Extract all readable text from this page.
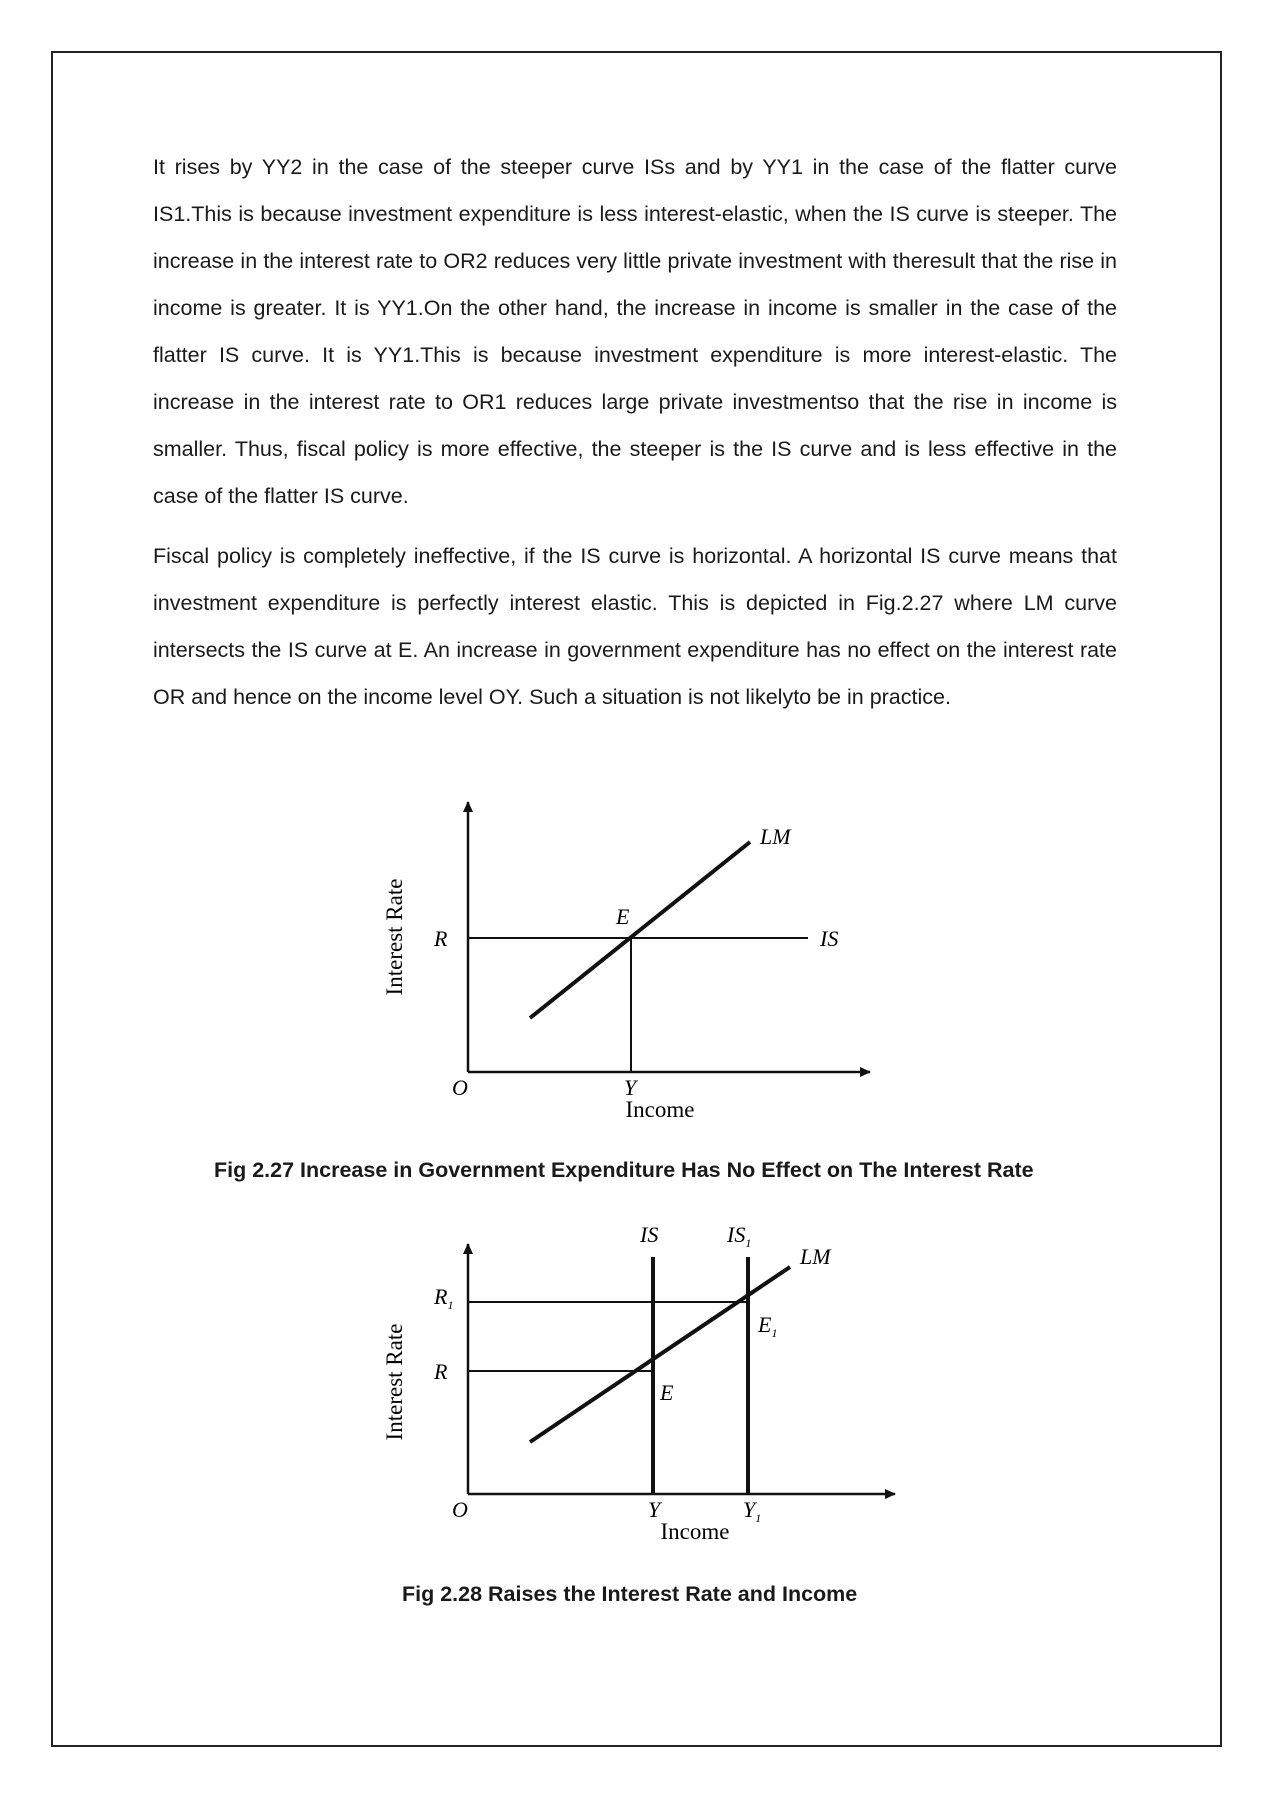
It rises by YY2 in the case of the steeper curve ISs and by YY1 in the case of the flatter curve IS1.This is because investment expenditure is less interest-elastic, when the IS curve is steeper. The increase in the interest rate to OR2 reduces very little private investment with theresult that the rise in income is greater. It is YY1.On the other hand, the increase in income is smaller in the case of the flatter IS curve. It is YY1.This is because investment expenditure is more interest-elastic. The increase in the interest rate to OR1 reduces large private investmentso that the rise in income is smaller. Thus, fiscal policy is more effective, the steeper is the IS curve and is less effective in the case of the flatter IS curve.

Fiscal policy is completely ineffective, if the IS curve is horizontal. A horizontal IS curve means that investment expenditure is perfectly interest elastic. This is depicted in Fig.2.27 where LM curve intersects the IS curve at E. An increase in government expenditure has no effect on the interest rate OR and hence on the income level OY. Such a situation is not likelyto be in practice.

Interest Rate R
E
LM
IS
O	Y
Income
Fig 2.27 Increase in Government Expenditure Has No Effect on The Interest Rate
Interest Rate
$R_1$
R
IS	$IS_1$
LM
$E_1$
E
O	Y	$Y_1$
Income
Fig 2.28 Raises the Interest Rate and Income
